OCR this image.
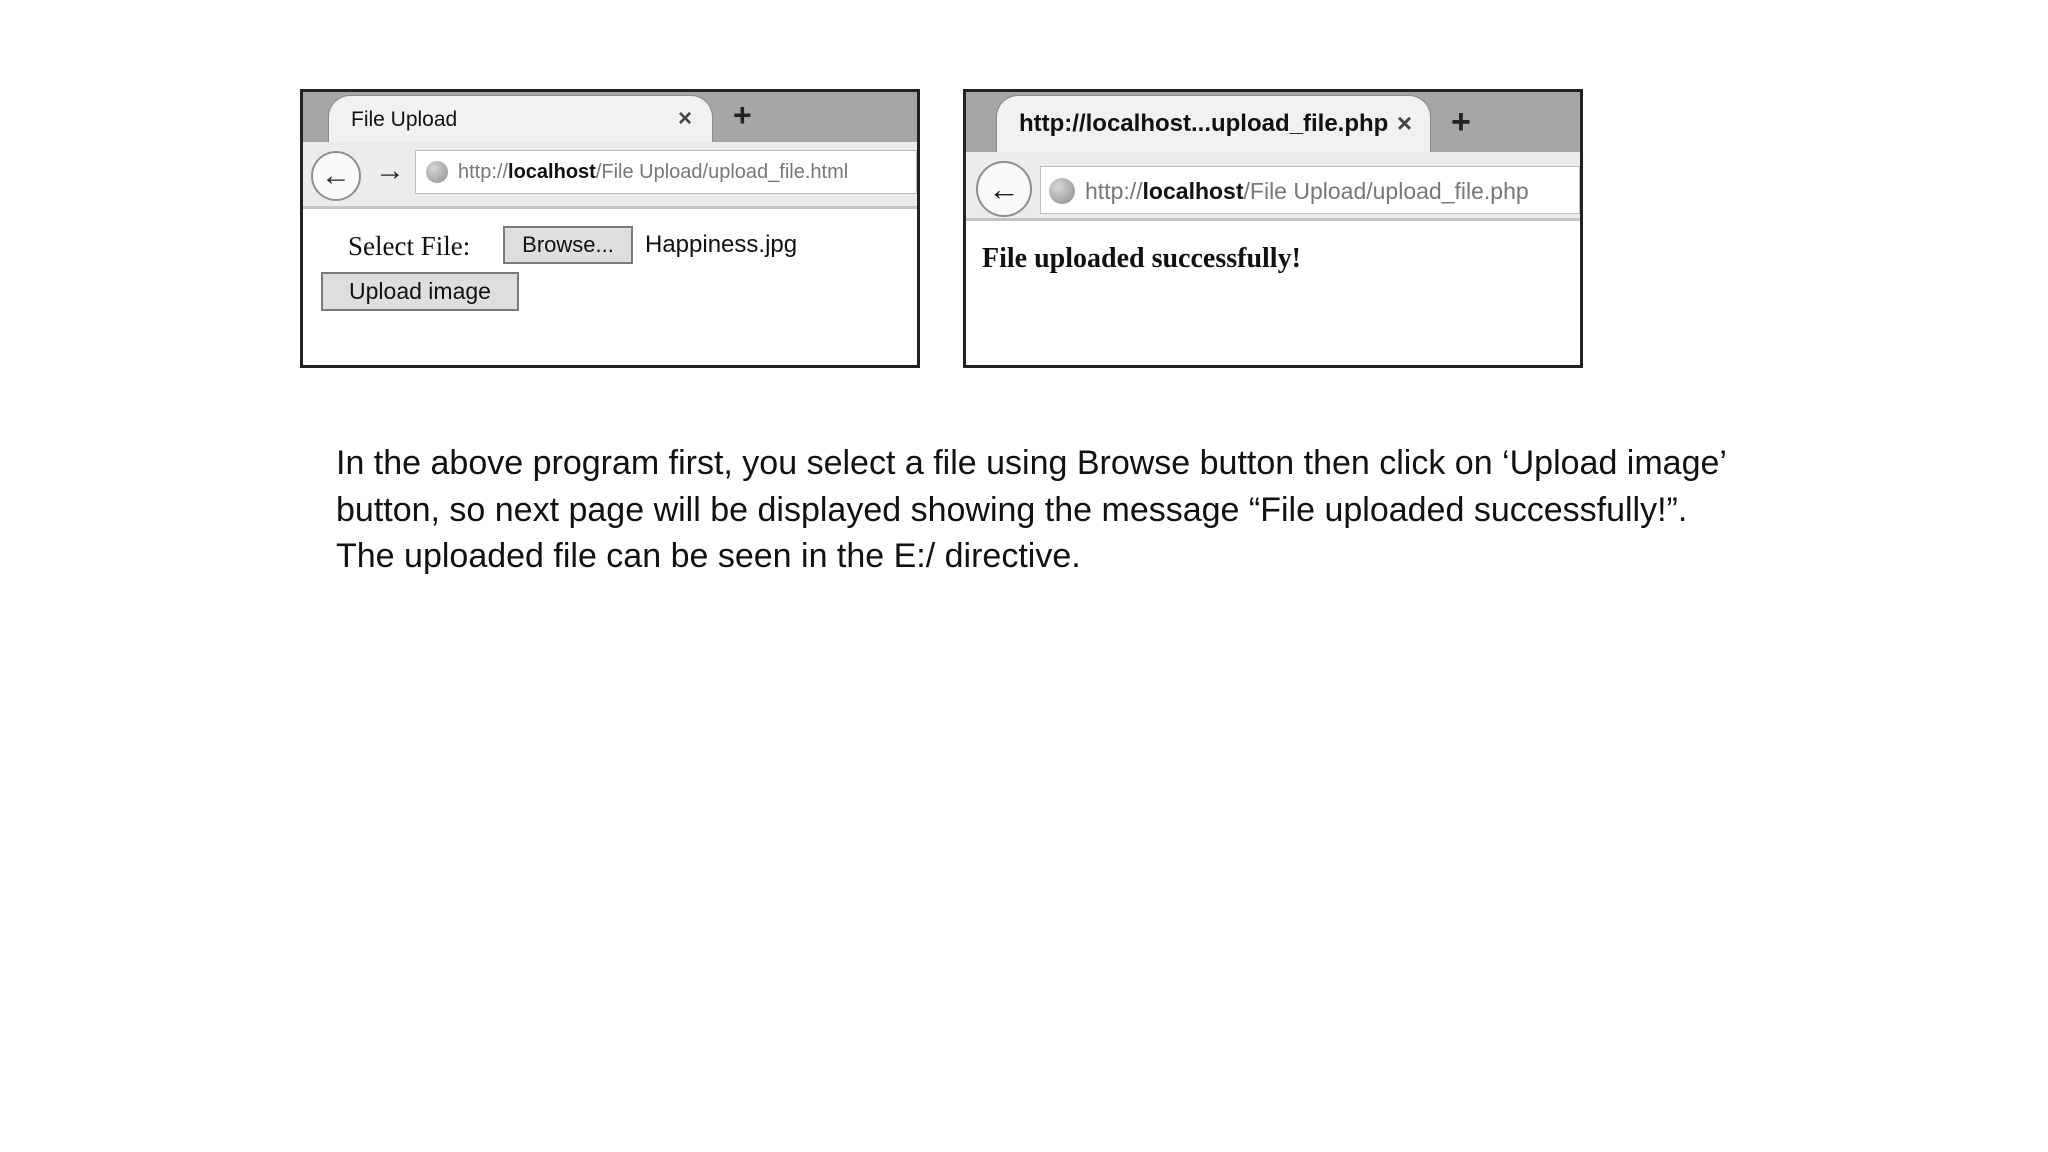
File Upload	× +
← →	http://localhost/File Upload/upload_file.html
Select File:	Browse...	Happiness.jpg
Upload image
http://localhost...upload_file.php × +
←	http://localhost/File Upload/upload_file.php
File uploaded successfully!
In the above program first, you select a file using Browse button then click on ‘Upload image’ button, so next page will be displayed showing the message “File uploaded successfully!”. The uploaded file can be seen in the E:/ directive.
